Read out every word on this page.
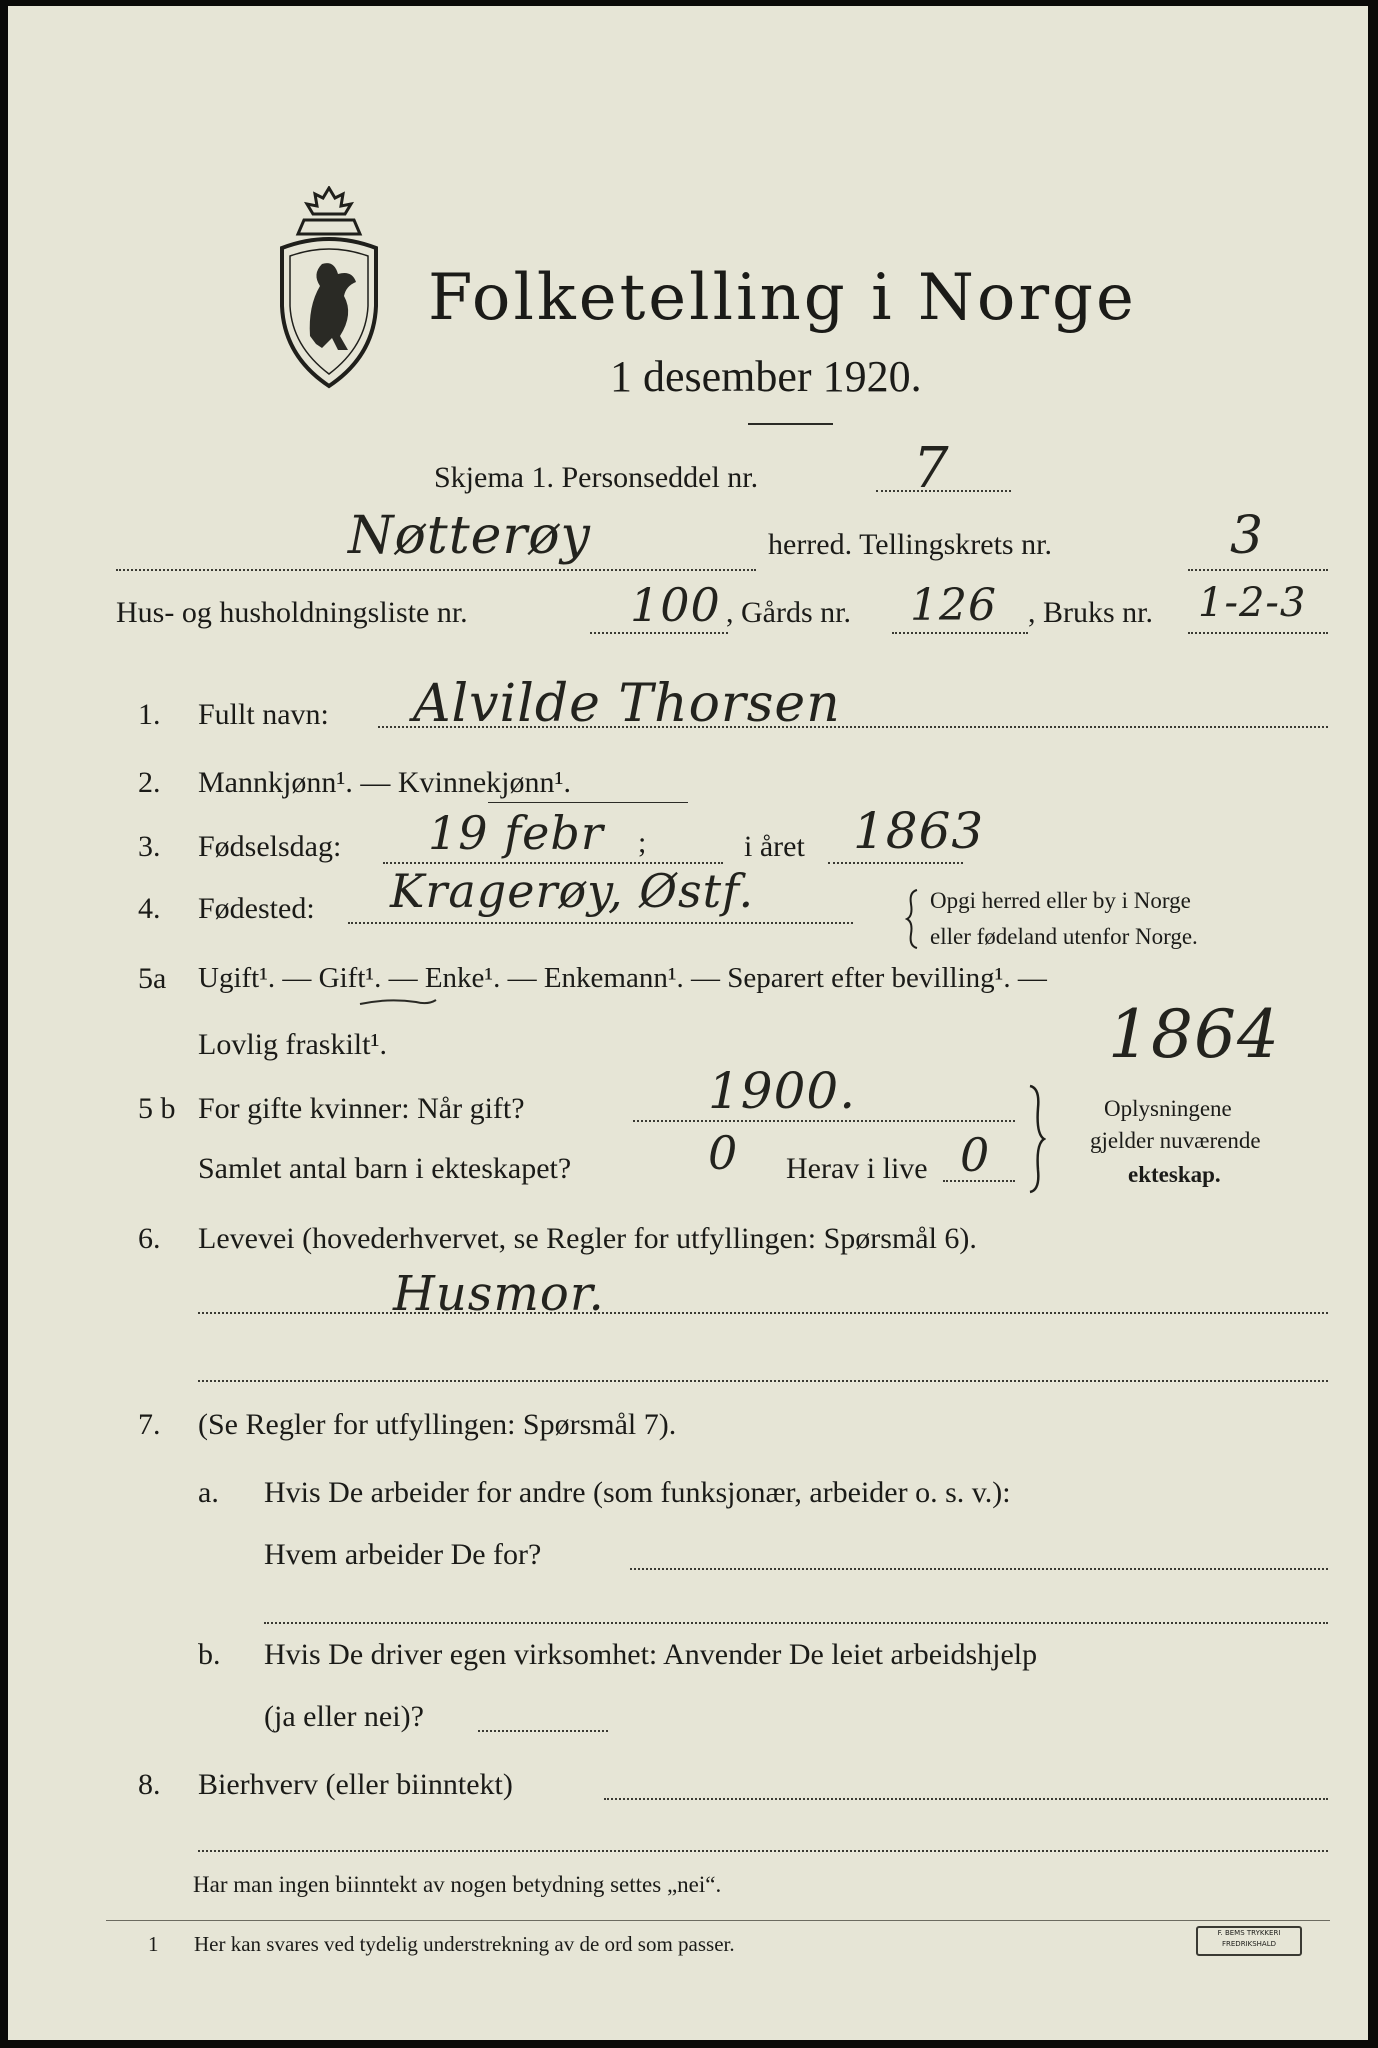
Folketelling i Norge
1 desember 1920.
Skjema 1. Personseddel nr.	7
Nøtterøy	herred. Tellingskrets nr.	3
Hus- og husholdningsliste nr.	100 , Gårds nr. 126 , Bruks nr. 1-2-3
1. Fullt navn: Alvilde Thorsen
2. Mannkjønn¹. — Kvinnekjønn¹.
3. Fødselsdag: 19 febr ;	i året 1863
4. Fødested: Kragerøy, Østf.	Opgi herred eller by i Norge
eller fødeland utenfor Norge.
5a Ugift¹. — Gift¹. — Enke¹. — Enkemann¹. — Separert efter bevilling¹. —
Lovlig fraskilt¹.	1864
5 b For gifte kvinner: Når gift?	1900.
Samlet antal barn i ekteskapet?	0 Herav i live 0
Oplysningene
gjelder nuværende
ekteskap.
6. Levevei (hovederhvervet, se Regler for utfyllingen: Spørsmål 6).
Husmor.
7. (Se Regler for utfyllingen: Spørsmål 7).
a. Hvis De arbeider for andre (som funksjonær, arbeider o. s. v.):
Hvem arbeider De for?
b. Hvis De driver egen virksomhet: Anvender De leiet arbeidshjelp
(ja eller nei)?
8. Bierhverv (eller biinntekt)
Har man ingen biinntekt av nogen betydning settes „nei“.
1 Her kan svares ved tydelig understrekning av de ord som passer.	F. BEMS TRYKKERI FREDRIKSHALD
